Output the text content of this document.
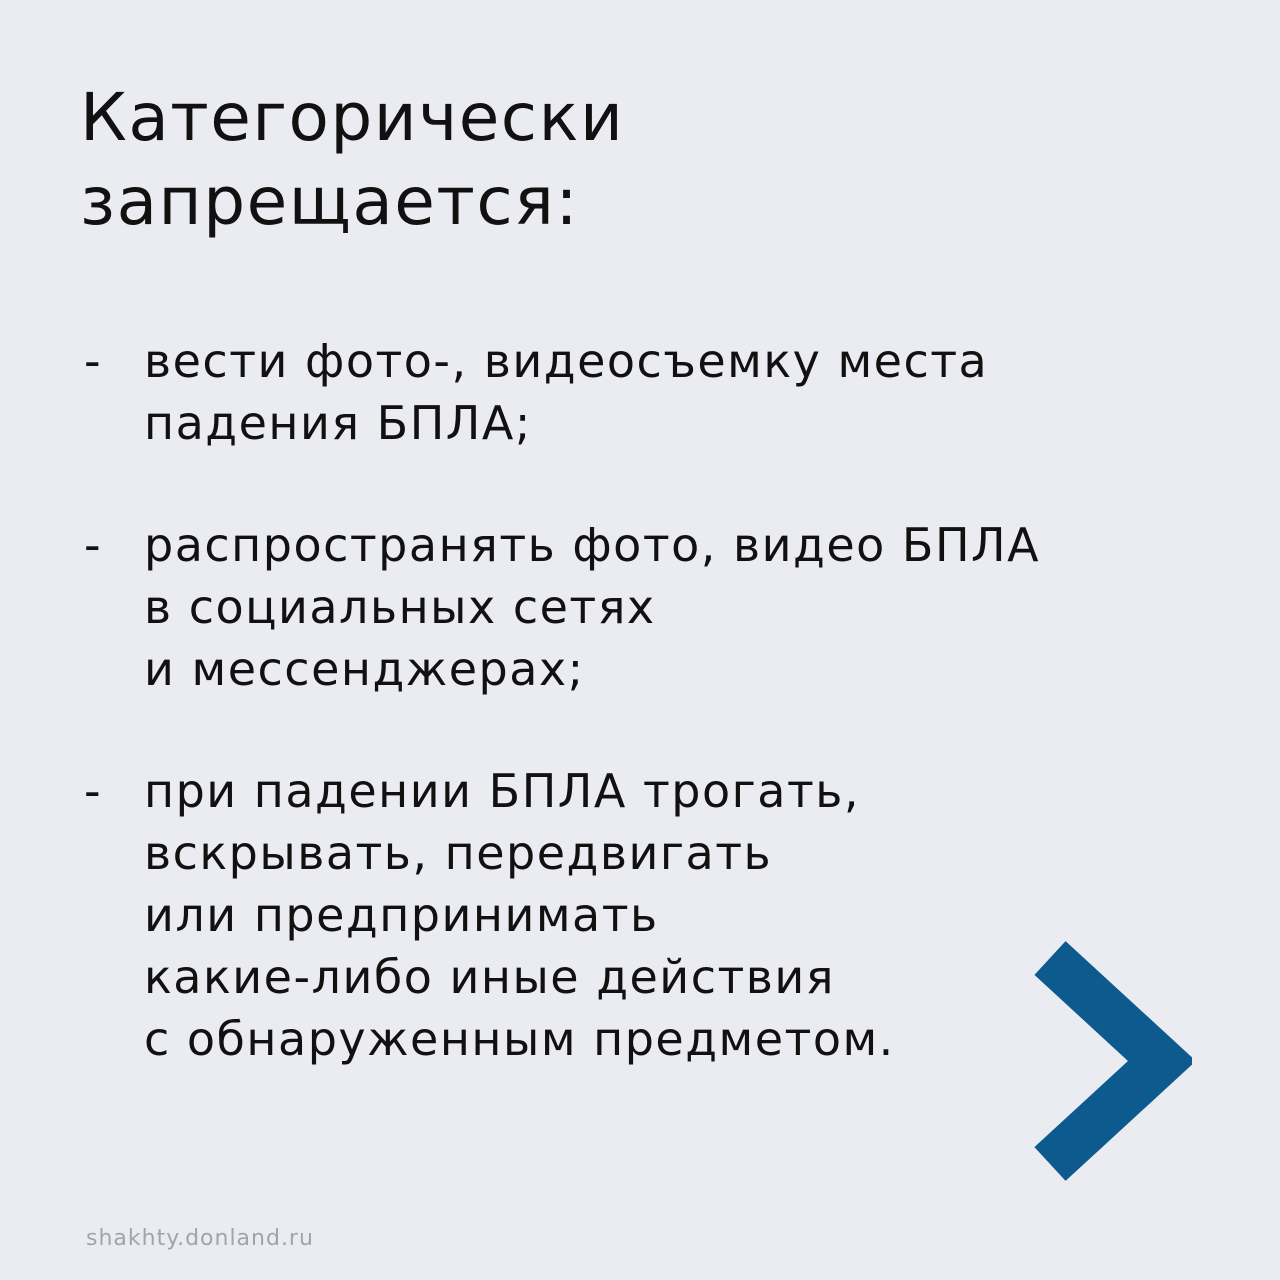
Категорически
запрещается:
- вести фото-, видеосъемку места
падения БПЛА;
- распространять фото, видео БПЛА
в социальных сетях
и мессенджерах;
- при падении БПЛА трогать,
вскрывать, передвигать
или предпринимать
какие-либо иные действия
с обнаруженным предметом.
shakhty.donland.ru
